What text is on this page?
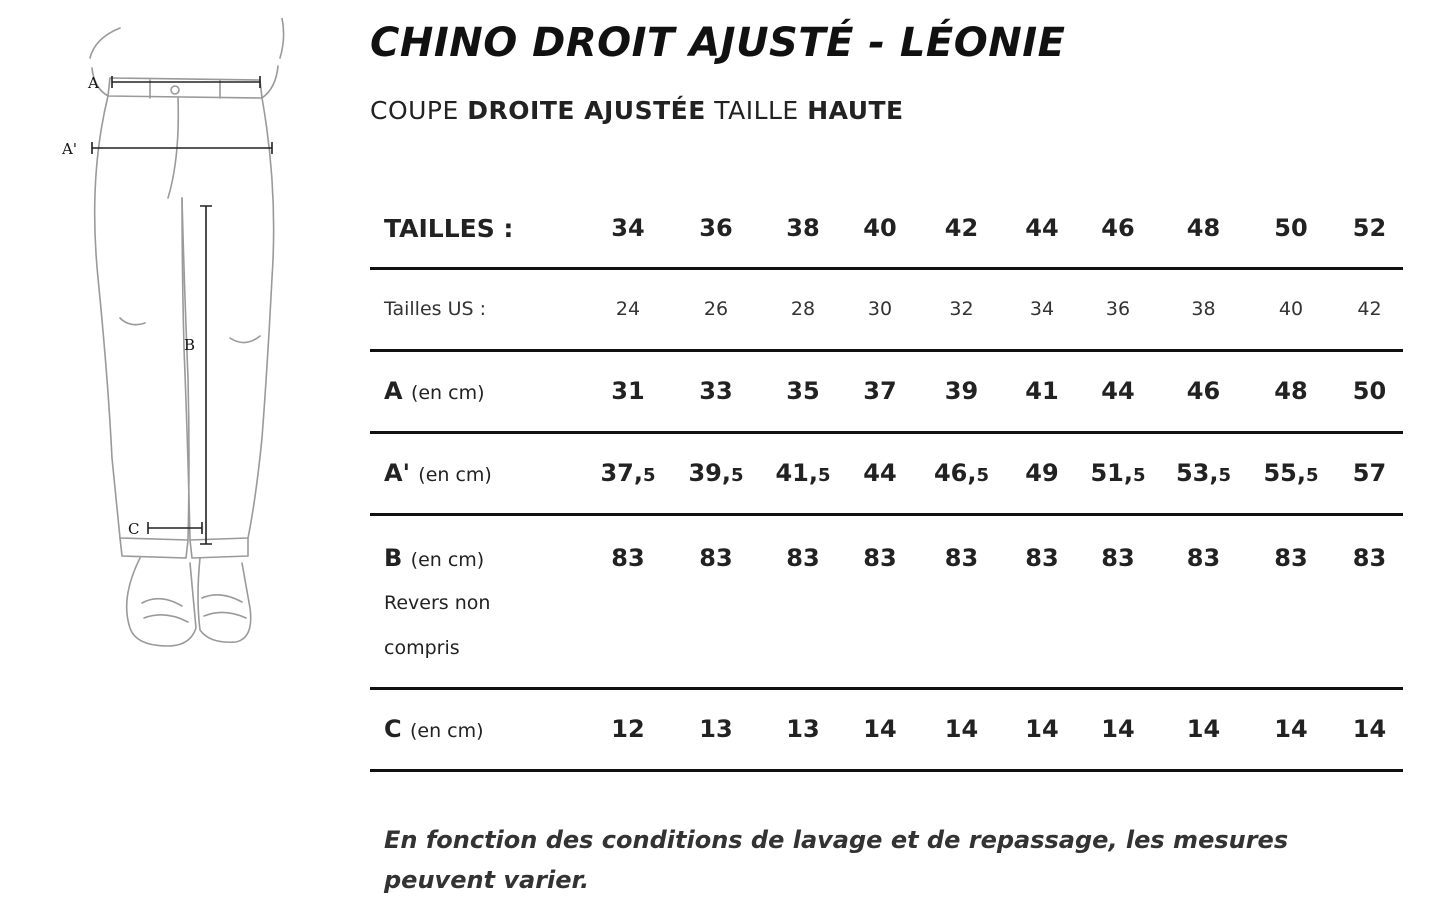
A
A'
B
C
CHINO DROIT AJUSTÉ - LÉONIE

COUPE DROITE AJUSTÉE TAILLE HAUTE

TAILLES :	34	36	38	40	42	44	46	48	50	52
Tailles US :	24	26	28	30	32	34	36	38	40	42
A (en cm)	31	33	35	37	39	41	44	46	48	50
A' (en cm)	37,5	39,5	41,5	44	46,5	49	51,5	53,5	55,5	57
B (en cm)
Revers non
compris	83	83	83	83	83	83	83	83	83	83
C (en cm)	12	13	13	14	14	14	14	14	14	14

En fonction des conditions de lavage et de repassage, les mesures peuvent varier.
